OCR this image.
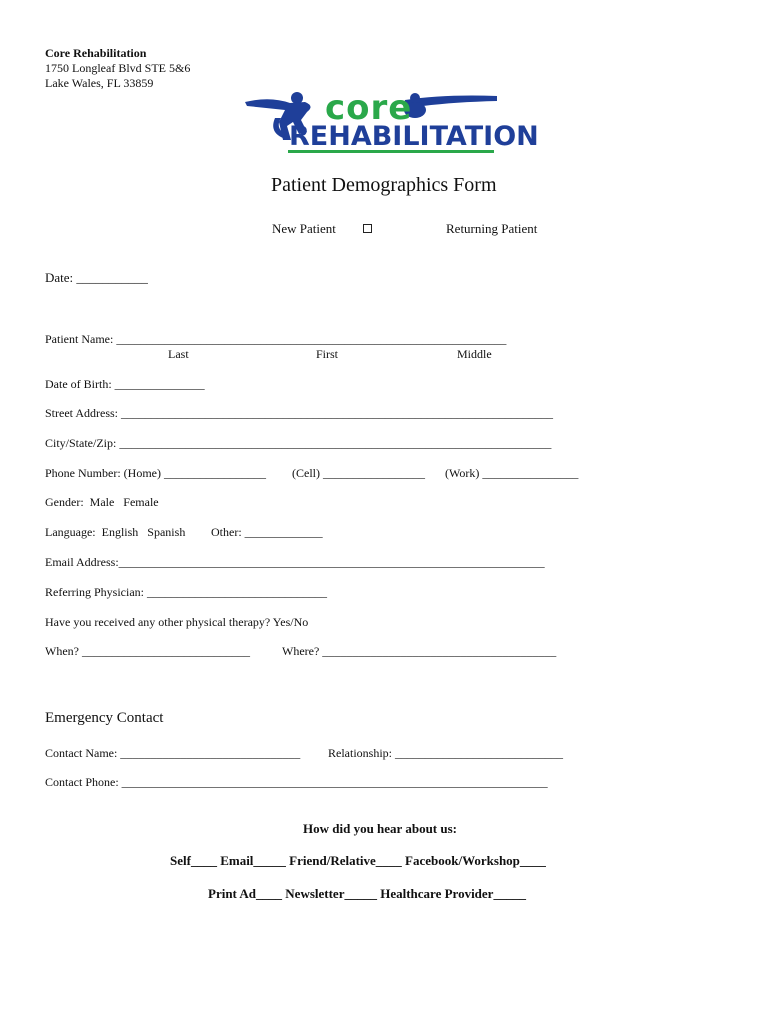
Core Rehabilitation
1750 Longleaf Blvd STE 5&6
Lake Wales, FL 33859
core
REHABILITATION
Patient Demographics Form
New Patient	Returning Patient
Date: ___________
Patient Name: _________________________________________________________________
Last	First	Middle
Date of Birth: _______________
Street Address: ________________________________________________________________________
City/State/Zip: ________________________________________________________________________
Phone Number: (Home) _________________ (Cell) _________________ (Work) ________________
Gender:  Male   Female
Language:  English   Spanish Other: _____________
Email Address:_______________________________________________________________________
Referring Physician: ______________________________
Have you received any other physical therapy? Yes/No
When? ____________________________	Where? _______________________________________
Emergency Contact
Contact Name: ______________________________ Relationship: ____________________________
Contact Phone: _______________________________________________________________________
How did you hear about us:
Self____ Email_____ Friend/Relative____ Facebook/Workshop____
Print Ad____ Newsletter_____ Healthcare Provider_____
